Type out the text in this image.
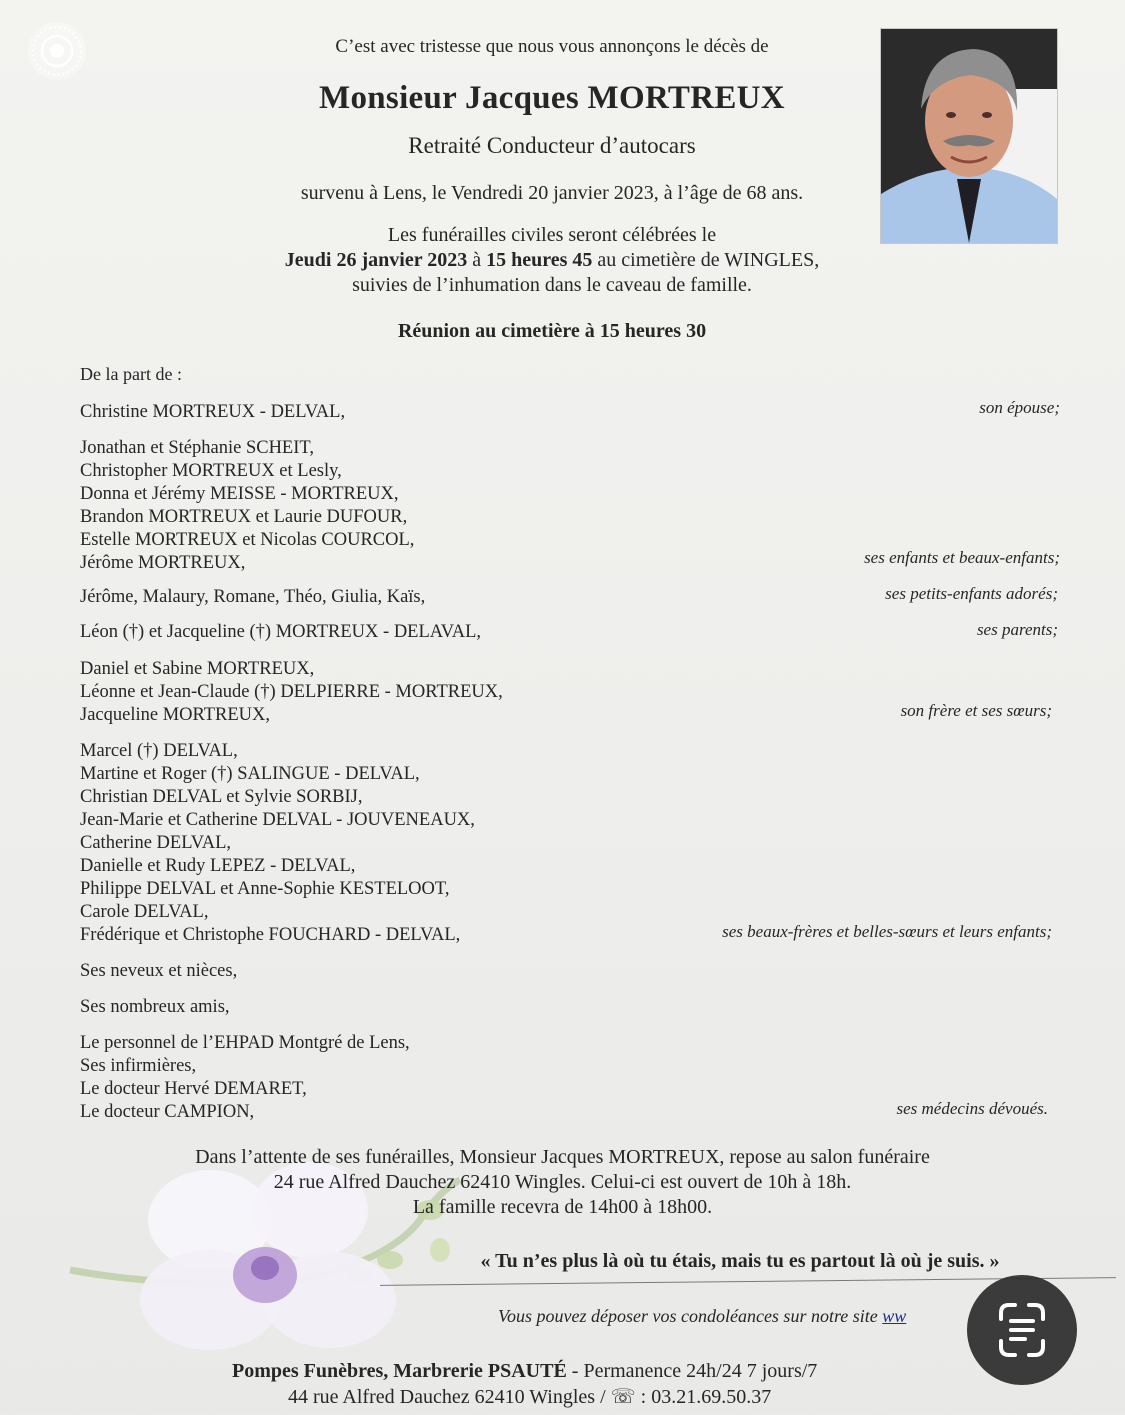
C’est avec tristesse que nous vous annonçons le décès de
Monsieur Jacques MORTREUX
Retraité Conducteur d’autocars
survenu à Lens, le Vendredi 20 janvier 2023, à l’âge de 68 ans.
Les funérailles civiles seront célébrées le
Jeudi 26 janvier 2023 à 15 heures 45 au cimetière de WINGLES,
suivies de l’inhumation dans le caveau de famille.
Réunion au cimetière à 15 heures 30
De la part de :
Christine MORTREUX - DELVAL,	son épouse;
Jonathan et Stéphanie SCHEIT,
Christopher MORTREUX et Lesly,
Donna et Jérémy MEISSE - MORTREUX,
Brandon MORTREUX et Laurie DUFOUR,
Estelle MORTREUX et Nicolas COURCOL,
Jérôme MORTREUX,	ses enfants et beaux-enfants;
Jérôme, Malaury, Romane, Théo, Giulia, Kaïs,	ses petits-enfants adorés;
Léon (†) et Jacqueline (†) MORTREUX - DELAVAL,	ses parents;
Daniel et Sabine MORTREUX,
Léonne et Jean-Claude (†) DELPIERRE - MORTREUX,
Jacqueline MORTREUX,	son frère et ses sœurs;
Marcel (†) DELVAL,
Martine et Roger (†) SALINGUE - DELVAL,
Christian DELVAL et Sylvie SORBIJ,
Jean-Marie et Catherine DELVAL - JOUVENEAUX,
Catherine DELVAL,
Danielle et Rudy LEPEZ - DELVAL,
Philippe DELVAL et Anne-Sophie KESTELOOT,
Carole DELVAL,
Frédérique et Christophe FOUCHARD - DELVAL,	ses beaux-frères et belles-sœurs et leurs enfants;
Ses neveux et nièces,
Ses nombreux amis,
Le personnel de l’EHPAD Montgré de Lens,
Ses infirmières,
Le docteur Hervé DEMARET,
Le docteur CAMPION,	ses médecins dévoués.
Dans l’attente de ses funérailles, Monsieur Jacques MORTREUX, repose au salon funéraire
24 rue Alfred Dauchez 62410 Wingles. Celui-ci est ouvert de 10h à 18h.
La famille recevra de 14h00 à 18h00.
« Tu n’es plus là où tu étais, mais tu es partout là où je suis. »
Vous pouvez déposer vos condoléances sur notre site ww
Pompes Funèbres, Marbrerie PSAUTÉ - Permanence 24h/24 7 jours/7
44 rue Alfred Dauchez 62410 Wingles / ☏ : 03.21.69.50.37
